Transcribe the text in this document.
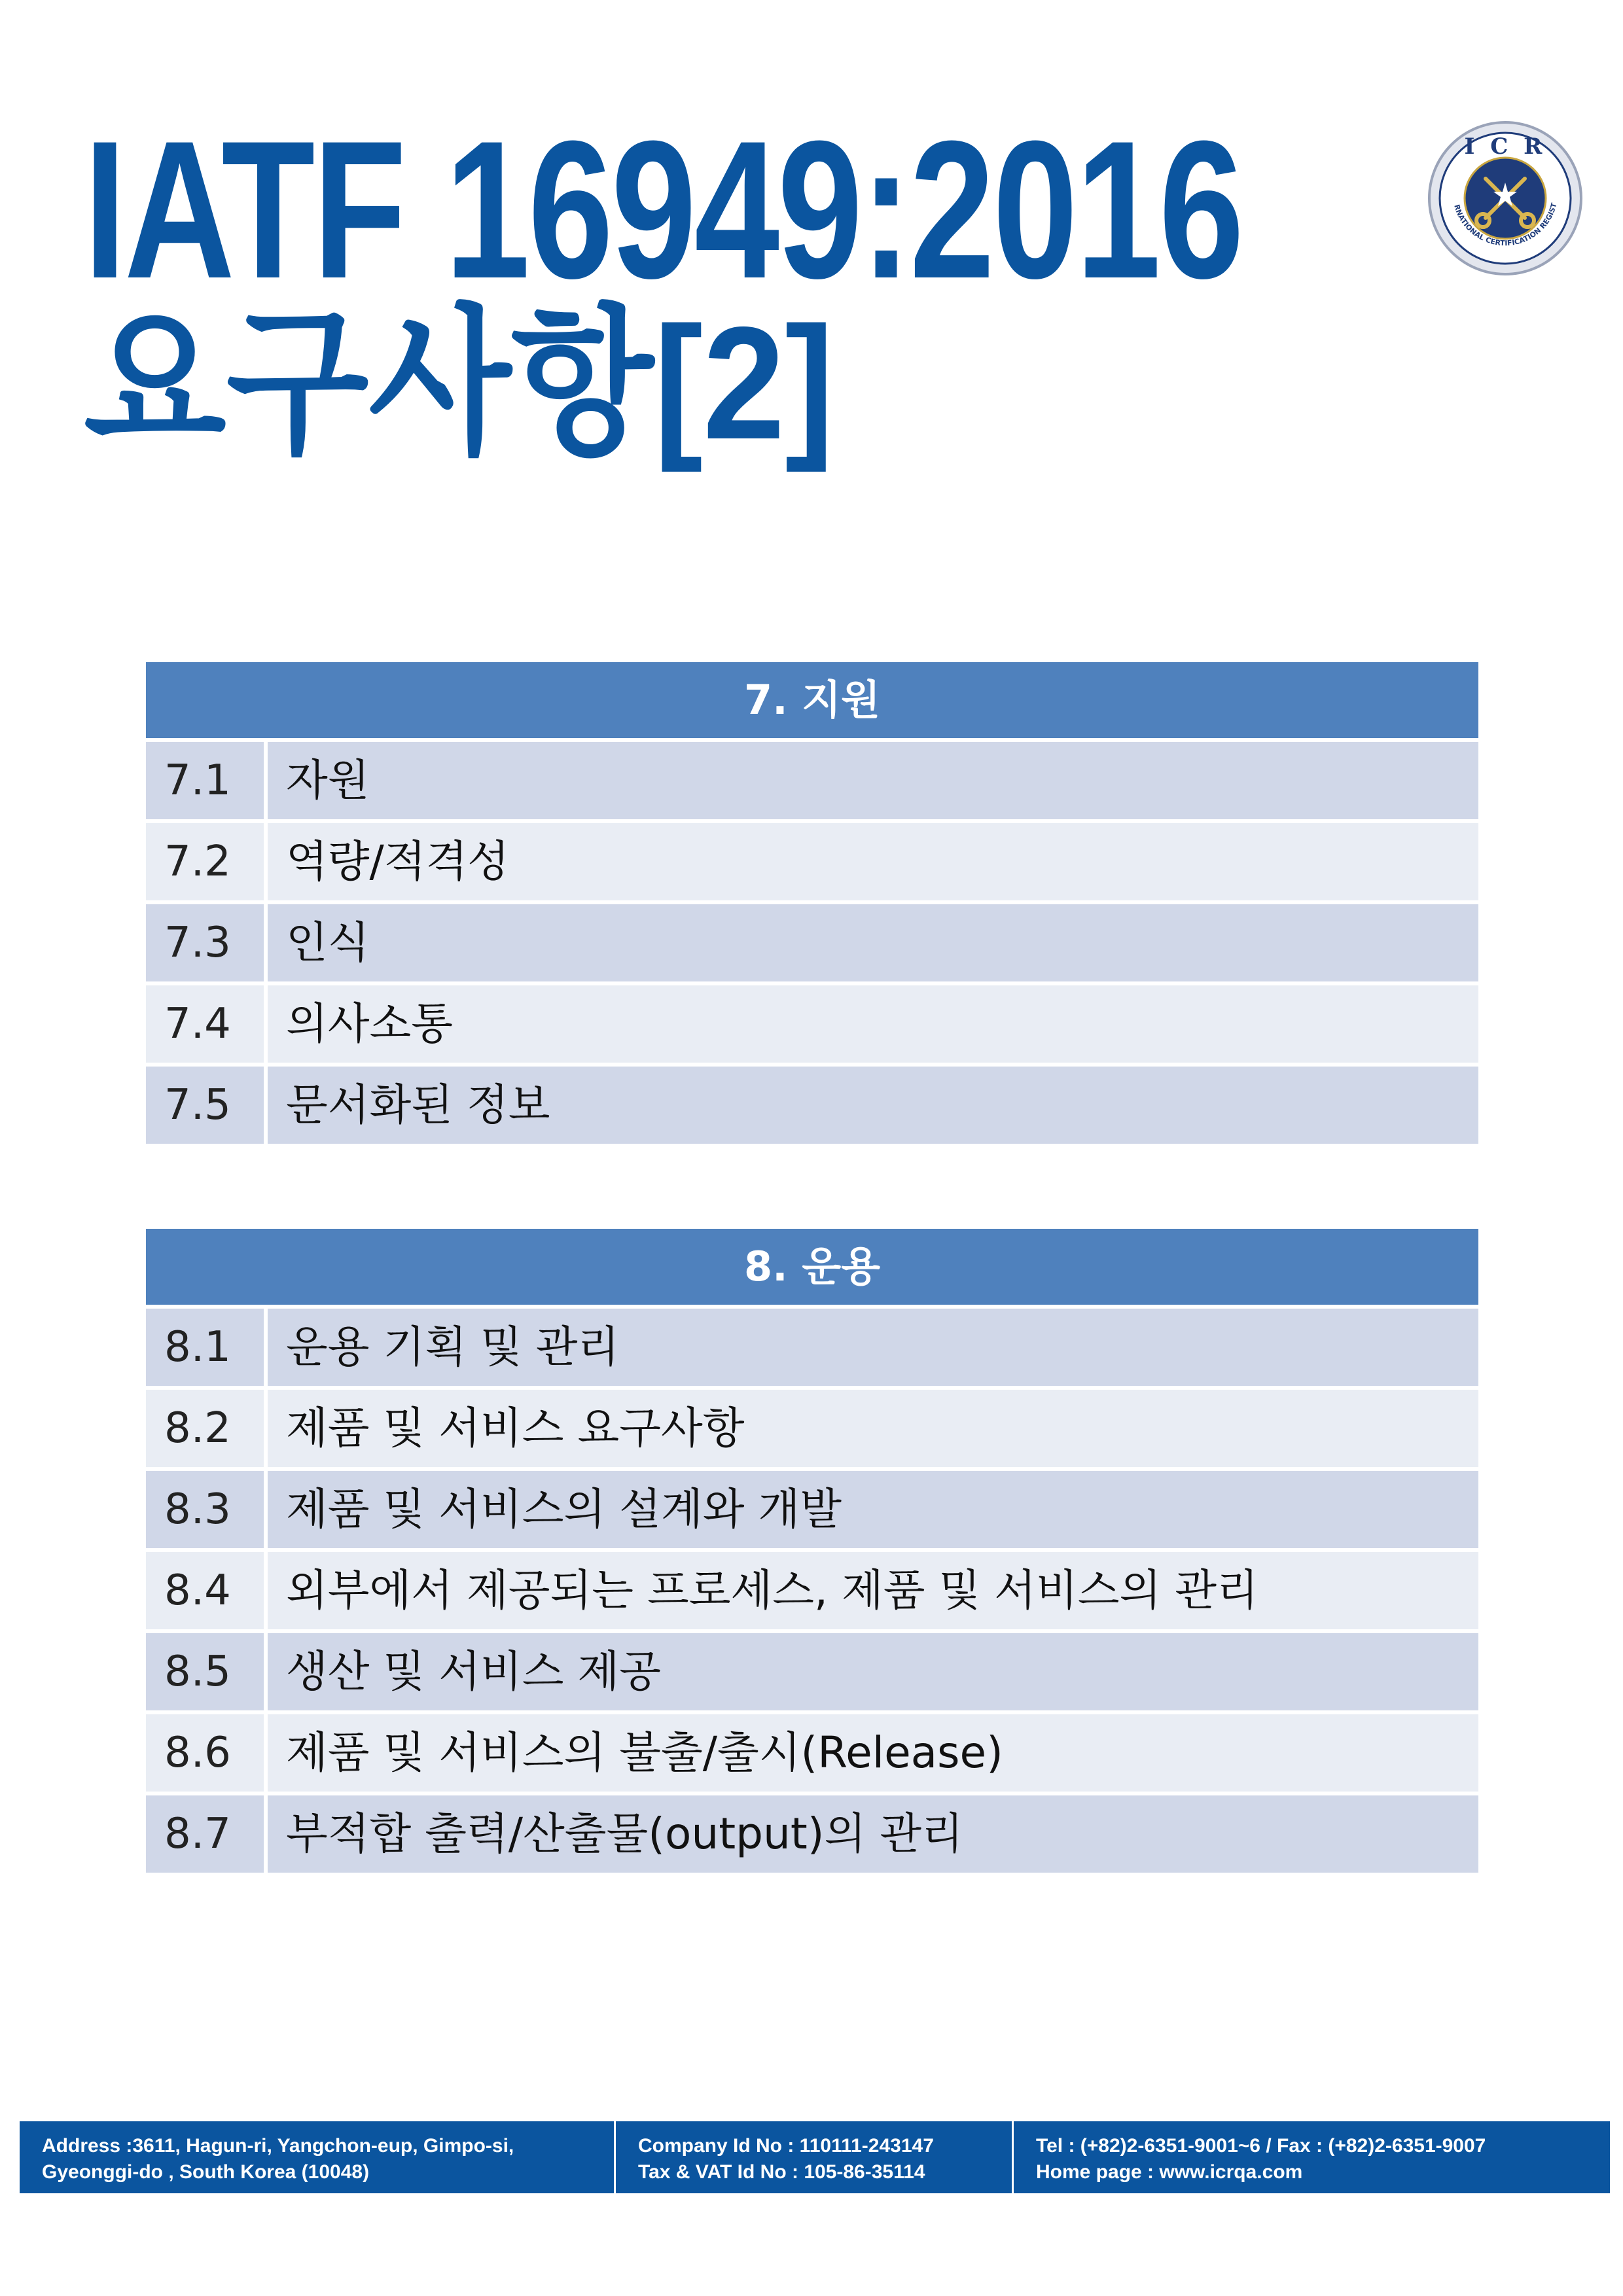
IATF 16949:2016
요구사항[2]
RNATIONAL CERTIFICATION REGIST
I C R
7. 지원
7.1	자원
7.2	역량/적격성
7.3	인식
7.4	의사소통
7.5	문서화된 정보
8. 운용
8.1	운용 기획 및 관리
8.2	제품 및 서비스 요구사항
8.3	제품 및 서비스의 설계와 개발
8.4	외부에서 제공되는 프로세스, 제품 및 서비스의 관리
8.5	생산 및 서비스 제공
8.6	제품 및 서비스의 불출/출시(Release)
8.7	부적합 출력/산출물(output)의 관리
Address :3611, Hagun-ri, Yangchon-eup, Gimpo-si,
Gyeonggi-do , South Korea (10048)
Company Id No : 110111-243147
Tax & VAT Id No : 105-86-35114
Tel : (+82)2-6351-9001~6 / Fax : (+82)2-6351-9007
Home page : www.icrqa.com
